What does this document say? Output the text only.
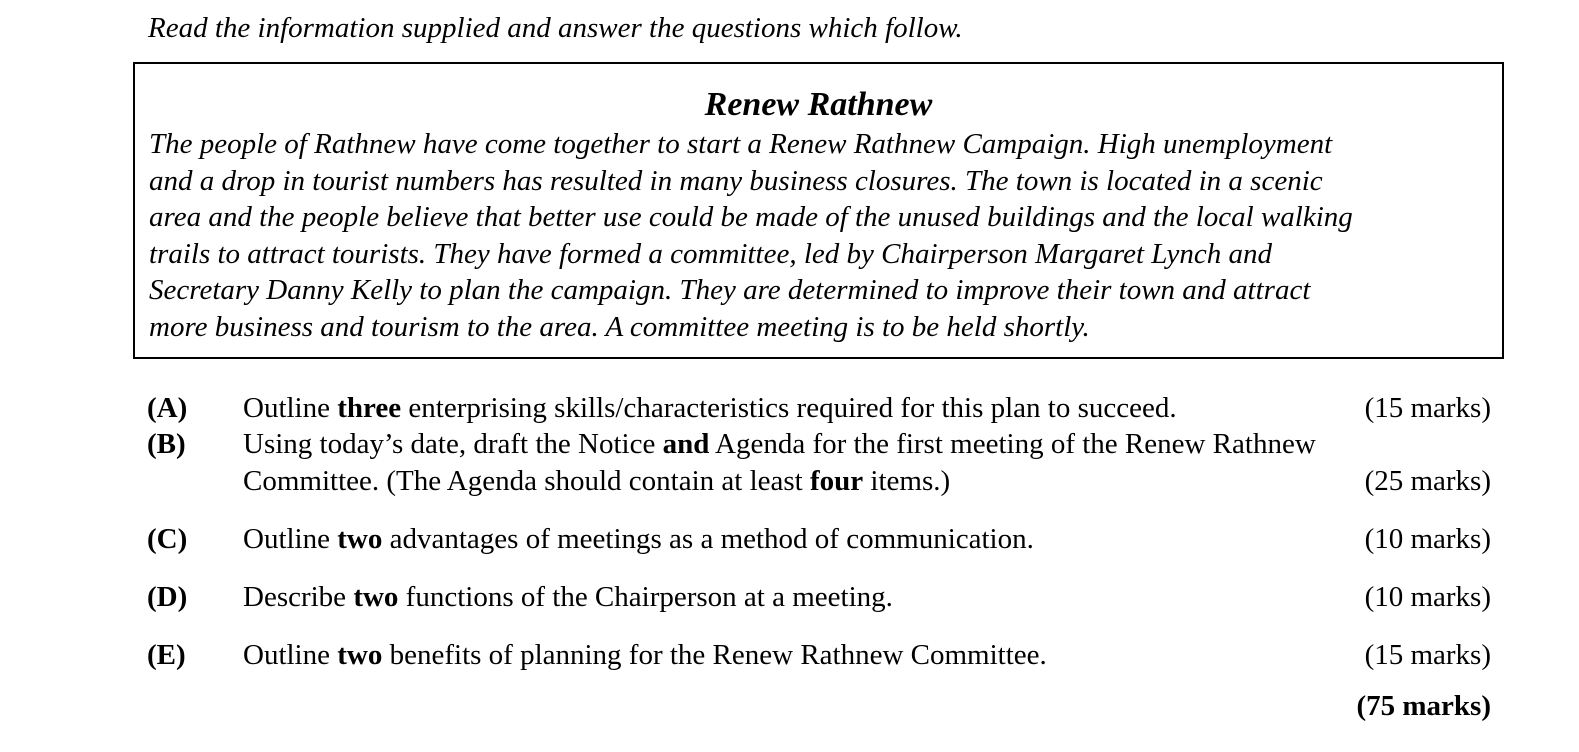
Read the information supplied and answer the questions which follow.
Renew Rathnew
The people of Rathnew have come together to start a Renew Rathnew Campaign. High unemployment
and a drop in tourist numbers has resulted in many business closures. The town is located in a scenic
area and the people believe that better use could be made of the unused buildings and the local walking
trails to attract tourists. They have formed a committee, led by Chairperson Margaret Lynch and
Secretary Danny Kelly to plan the campaign. They are determined to improve their town and attract
more business and tourism to the area. A committee meeting is to be held shortly.
(A) Outline three enterprising skills/characteristics required for this plan to succeed.	(15 marks)
(B) Using today’s date, draft the Notice and Agenda for the first meeting of the Renew Rathnew
Committee. (The Agenda should contain at least four items.)	(25 marks)
(C) Outline two advantages of meetings as a method of communication.	(10 marks)
(D) Describe two functions of the Chairperson at a meeting.	(10 marks)
(E) Outline two benefits of planning for the Renew Rathnew Committee.	(15 marks)
(75 marks)
